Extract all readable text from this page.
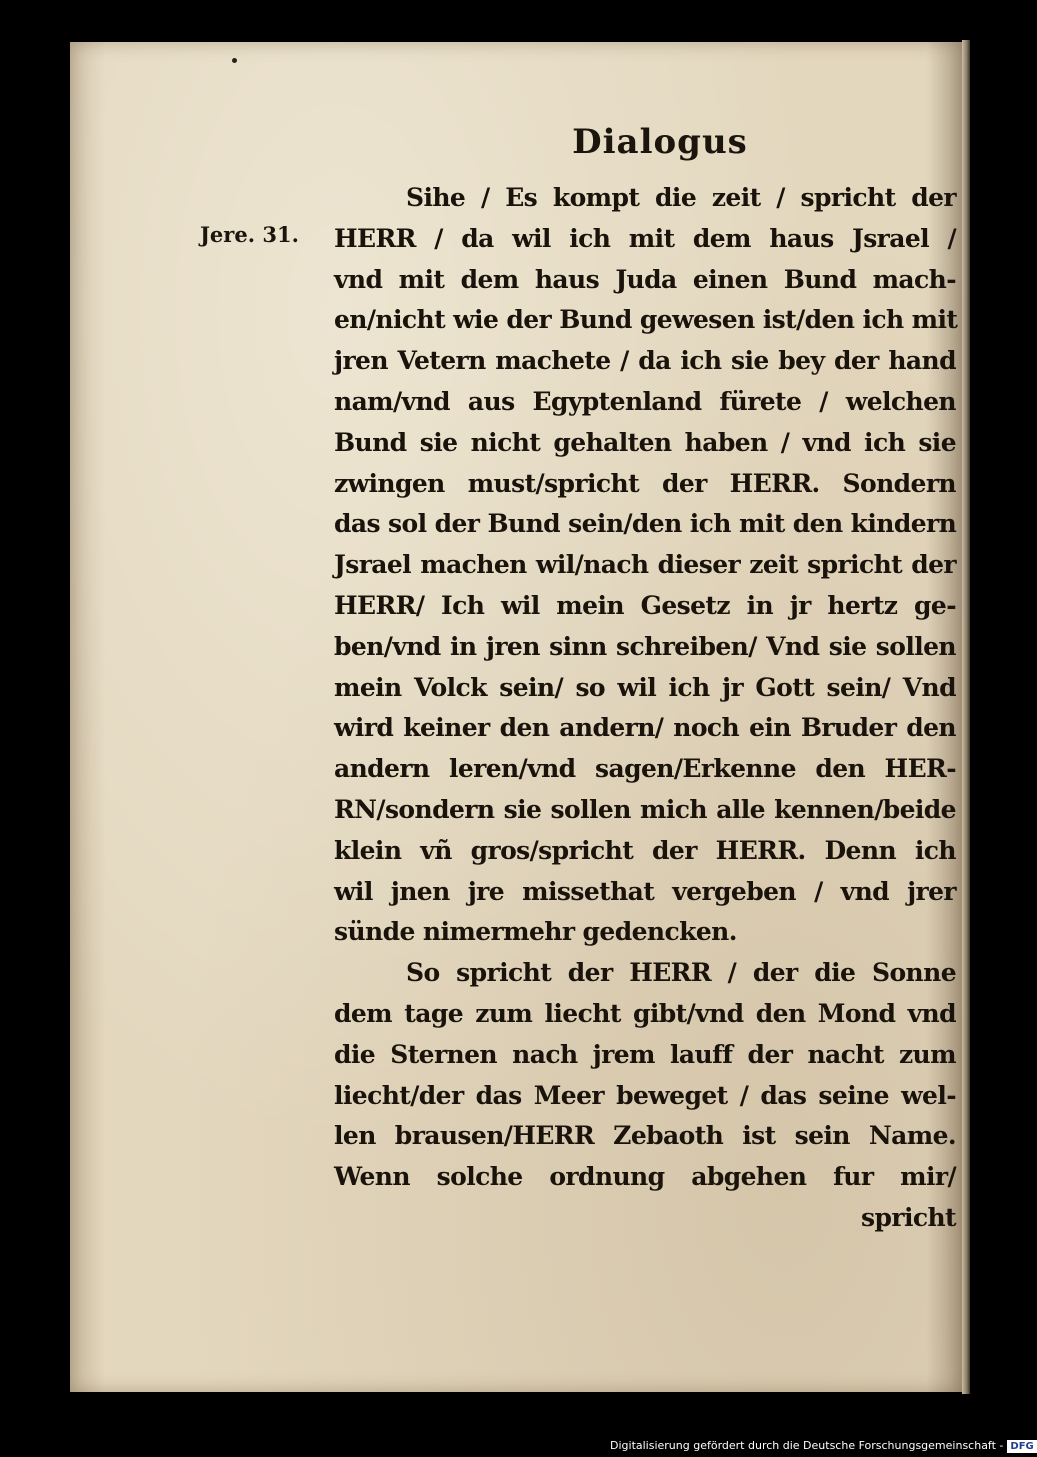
Dialogus
Jere. 31.
Sihe / Es kompt die zeit / spricht der
HERR / da wil ich mit dem haus Jsrael /
vnd mit dem haus Juda einen Bund mach-
en/nicht wie der Bund gewesen ist/den ich mit
jren Vetern machete / da ich sie bey der hand
nam/vnd aus Egyptenland fürete / welchen
Bund sie nicht gehalten haben / vnd ich sie
zwingen must/spricht der HERR. Sondern
das sol der Bund sein/den ich mit den kindern
Jsrael machen wil/nach dieser zeit spricht der
HERR/ Ich wil mein Gesetz in jr hertz ge-
ben/vnd in jren sinn schreiben/ Vnd sie sollen
mein Volck sein/ so wil ich jr Gott sein/ Vnd
wird keiner den andern/ noch ein Bruder den
andern leren/vnd sagen/Erkenne den HER-
RN/sondern sie sollen mich alle kennen/beide
klein vñ gros/spricht der HERR. Denn ich
wil jnen jre missethat vergeben / vnd jrer
sünde nimermehr gedencken.
So spricht der HERR / der die Sonne
dem tage zum liecht gibt/vnd den Mond vnd
die Sternen nach jrem lauff der nacht zum
liecht/der das Meer beweget / das seine wel-
len brausen/HERR Zebaoth ist sein Name.
Wenn solche ordnung abgehen fur mir/
spricht
Digitalisierung gefördert durch die Deutsche Forschungsgemeinschaft - DFG
